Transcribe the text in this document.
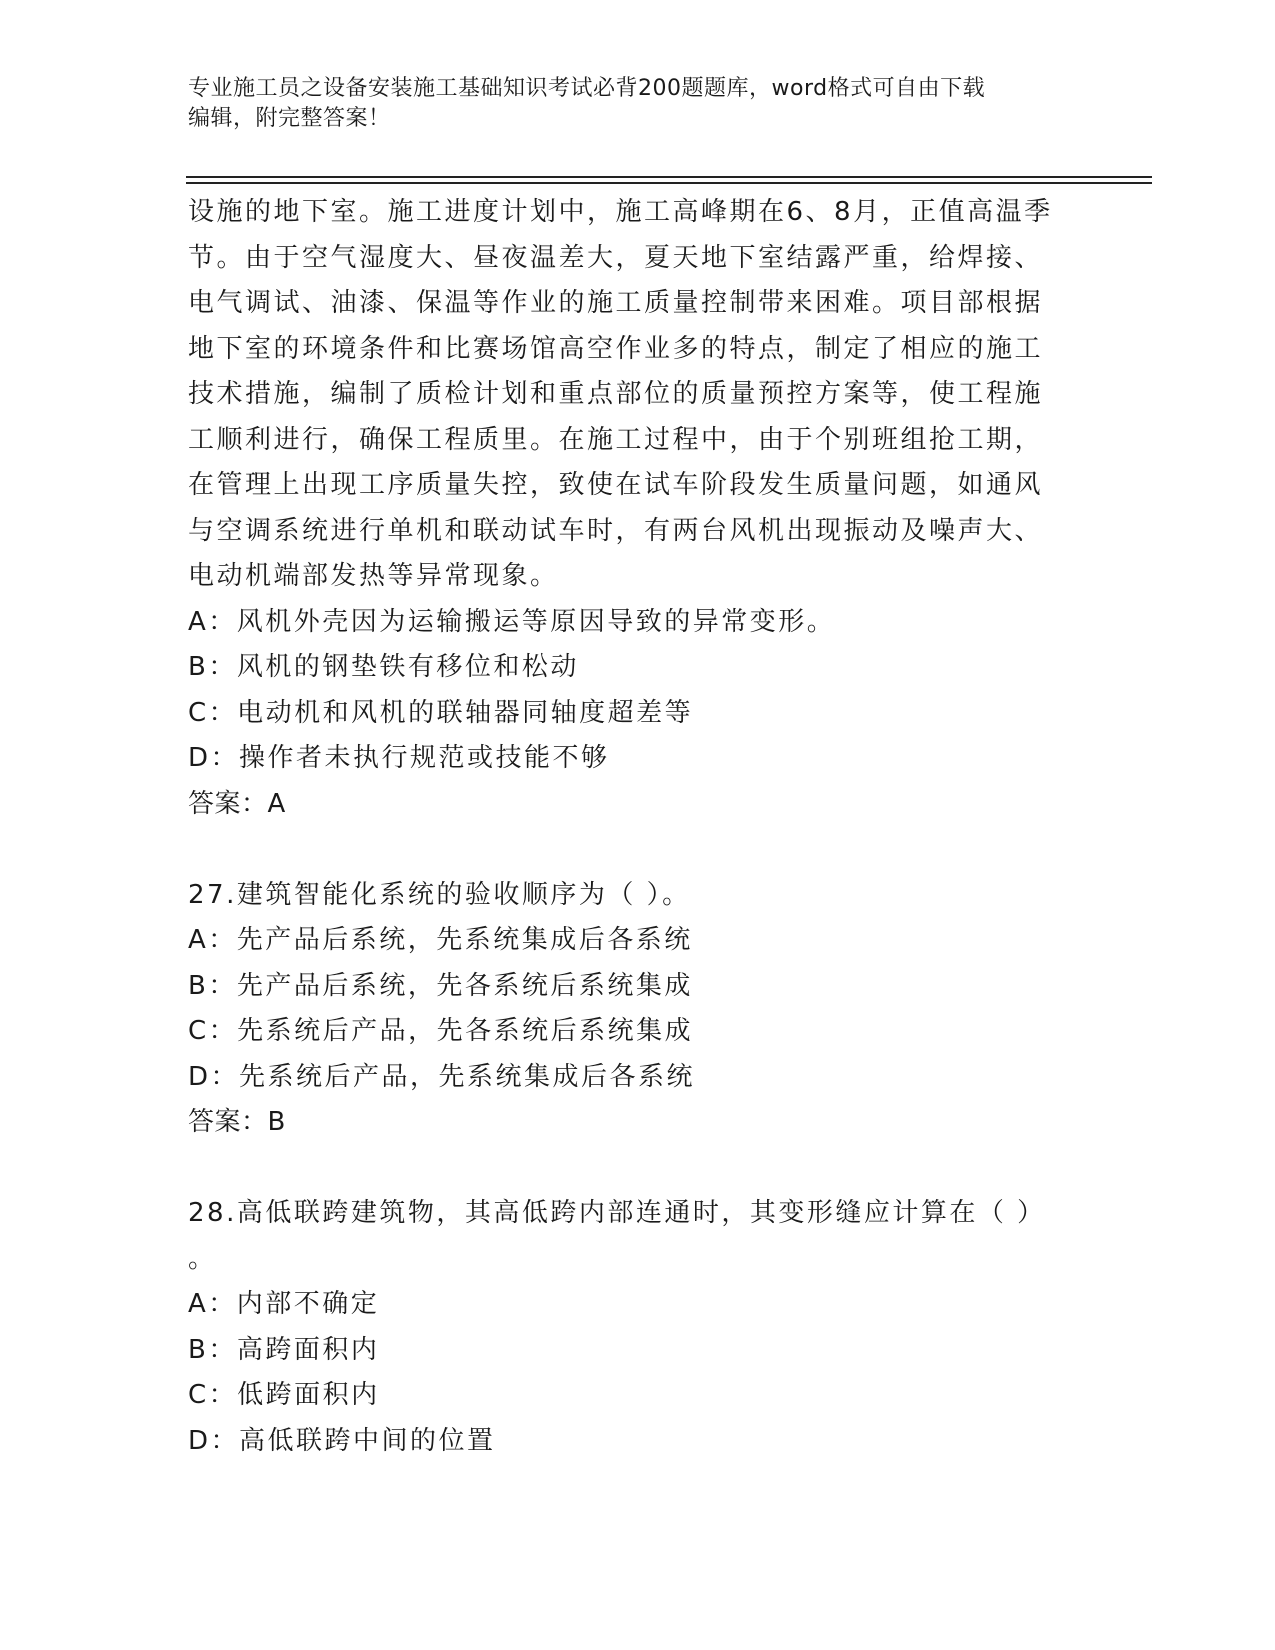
专业施工员之设备安装施工基础知识考试必背200题题库，word格式可自由下载
编辑，附完整答案！
设施的地下室。施工进度计划中，施工高峰期在6、8月，正值高温季
节。由于空气湿度大、昼夜温差大，夏天地下室结露严重，给焊接、
电气调试、油漆、保温等作业的施工质量控制带来困难。项目部根据
地下室的环境条件和比赛场馆高空作业多的特点，制定了相应的施工
技术措施，编制了质检计划和重点部位的质量预控方案等，使工程施
工顺利进行，确保工程质里。在施工过程中，由于个别班组抢工期，
在管理上出现工序质量失控，致使在试车阶段发生质量问题，如通风
与空调系统进行单机和联动试车时，有两台风机出现振动及噪声大、
电动机端部发热等异常现象。
A：风机外壳因为运输搬运等原因导致的异常变形。
B：风机的钢垫铁有移位和松动
C：电动机和风机的联轴器同轴度超差等
D：操作者未执行规范或技能不够
答案：A
27.建筑智能化系统的验收顺序为（ ）。
A：先产品后系统，先系统集成后各系统
B：先产品后系统，先各系统后系统集成
C：先系统后产品，先各系统后系统集成
D：先系统后产品，先系统集成后各系统
答案：B
28.高低联跨建筑物，其高低跨内部连通时，其变形缝应计算在（ ）
。
A：内部不确定
B：高跨面积内
C：低跨面积内
D：高低联跨中间的位置
